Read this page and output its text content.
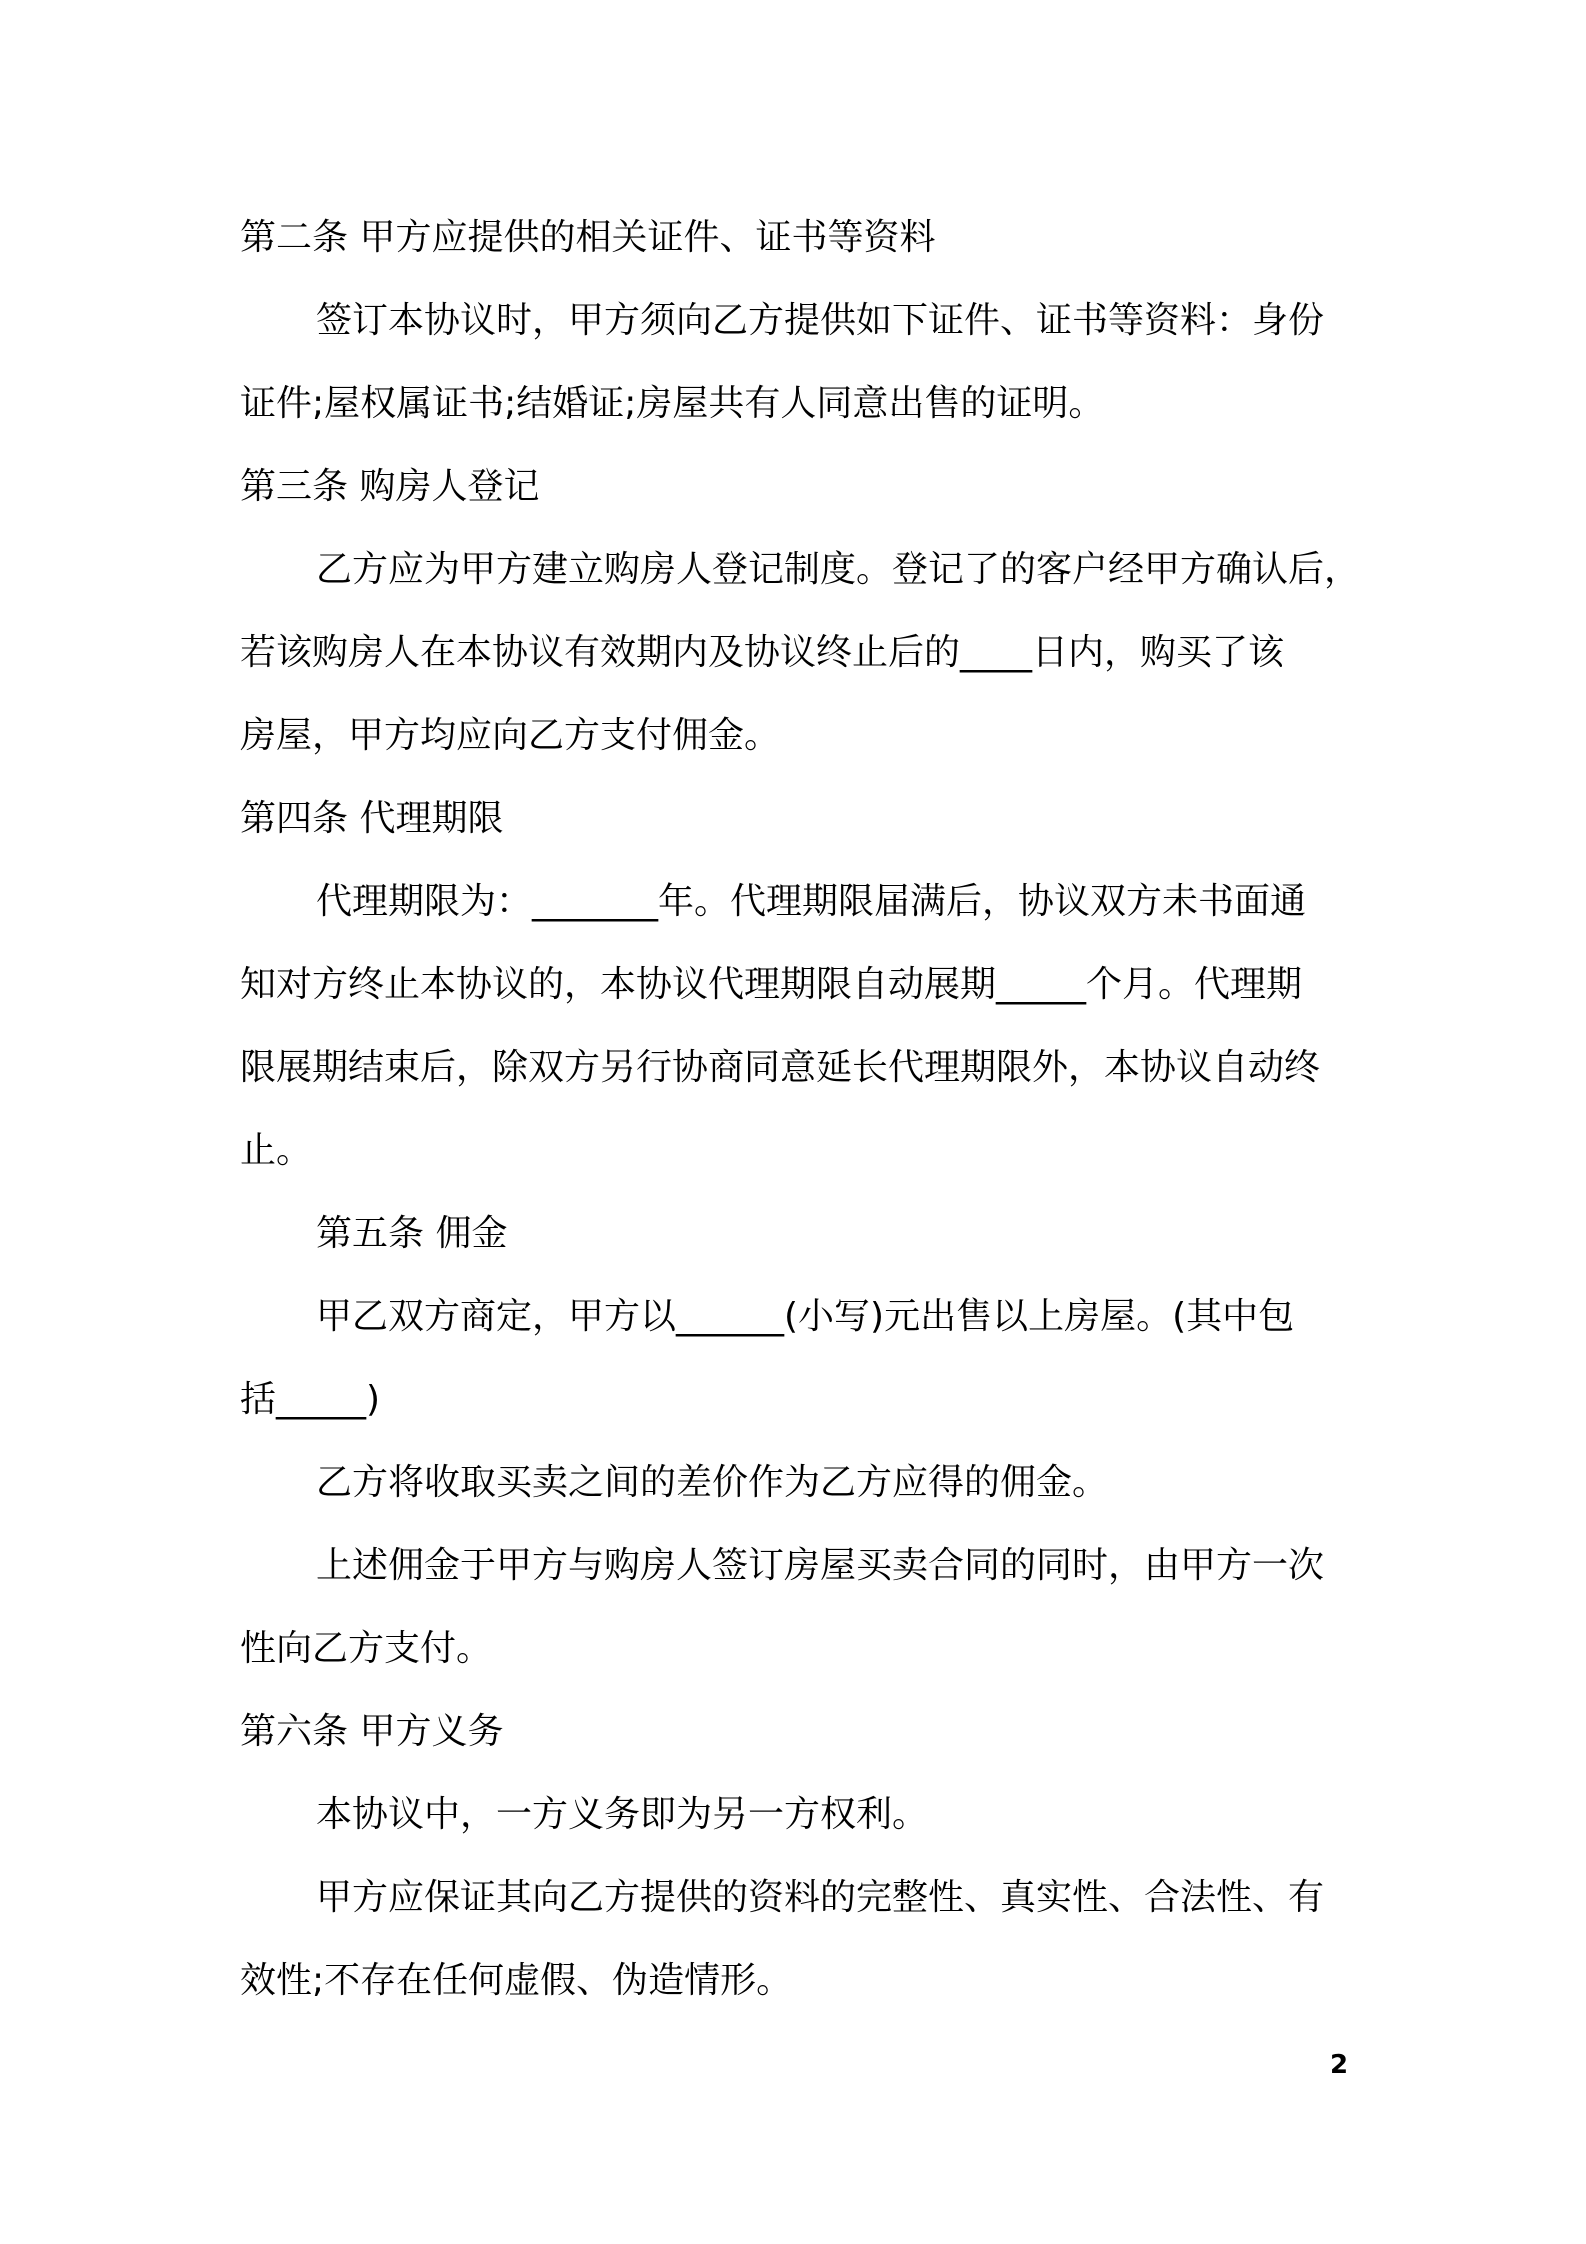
第二条 甲方应提供的相关证件、证书等资料
签订本协议时，甲方须向乙方提供如下证件、证书等资料：身份
证件;屋权属证书;结婚证;房屋共有人同意出售的证明。
第三条 购房人登记
乙方应为甲方建立购房人登记制度。登记了的客户经甲方确认后，
若该购房人在本协议有效期内及协议终止后的____日内，购买了该
房屋，甲方均应向乙方支付佣金。
第四条 代理期限
代理期限为：_______年。代理期限届满后，协议双方未书面通
知对方终止本协议的，本协议代理期限自动展期_____个月。代理期
限展期结束后，除双方另行协商同意延长代理期限外，本协议自动终
止。
第五条 佣金
甲乙双方商定，甲方以______(小写)元出售以上房屋。(其中包
括_____)
乙方将收取买卖之间的差价作为乙方应得的佣金。
上述佣金于甲方与购房人签订房屋买卖合同的同时，由甲方一次
性向乙方支付。
第六条 甲方义务
本协议中，一方义务即为另一方权利。
甲方应保证其向乙方提供的资料的完整性、真实性、合法性、有
效性;不存在任何虚假、伪造情形。
2
